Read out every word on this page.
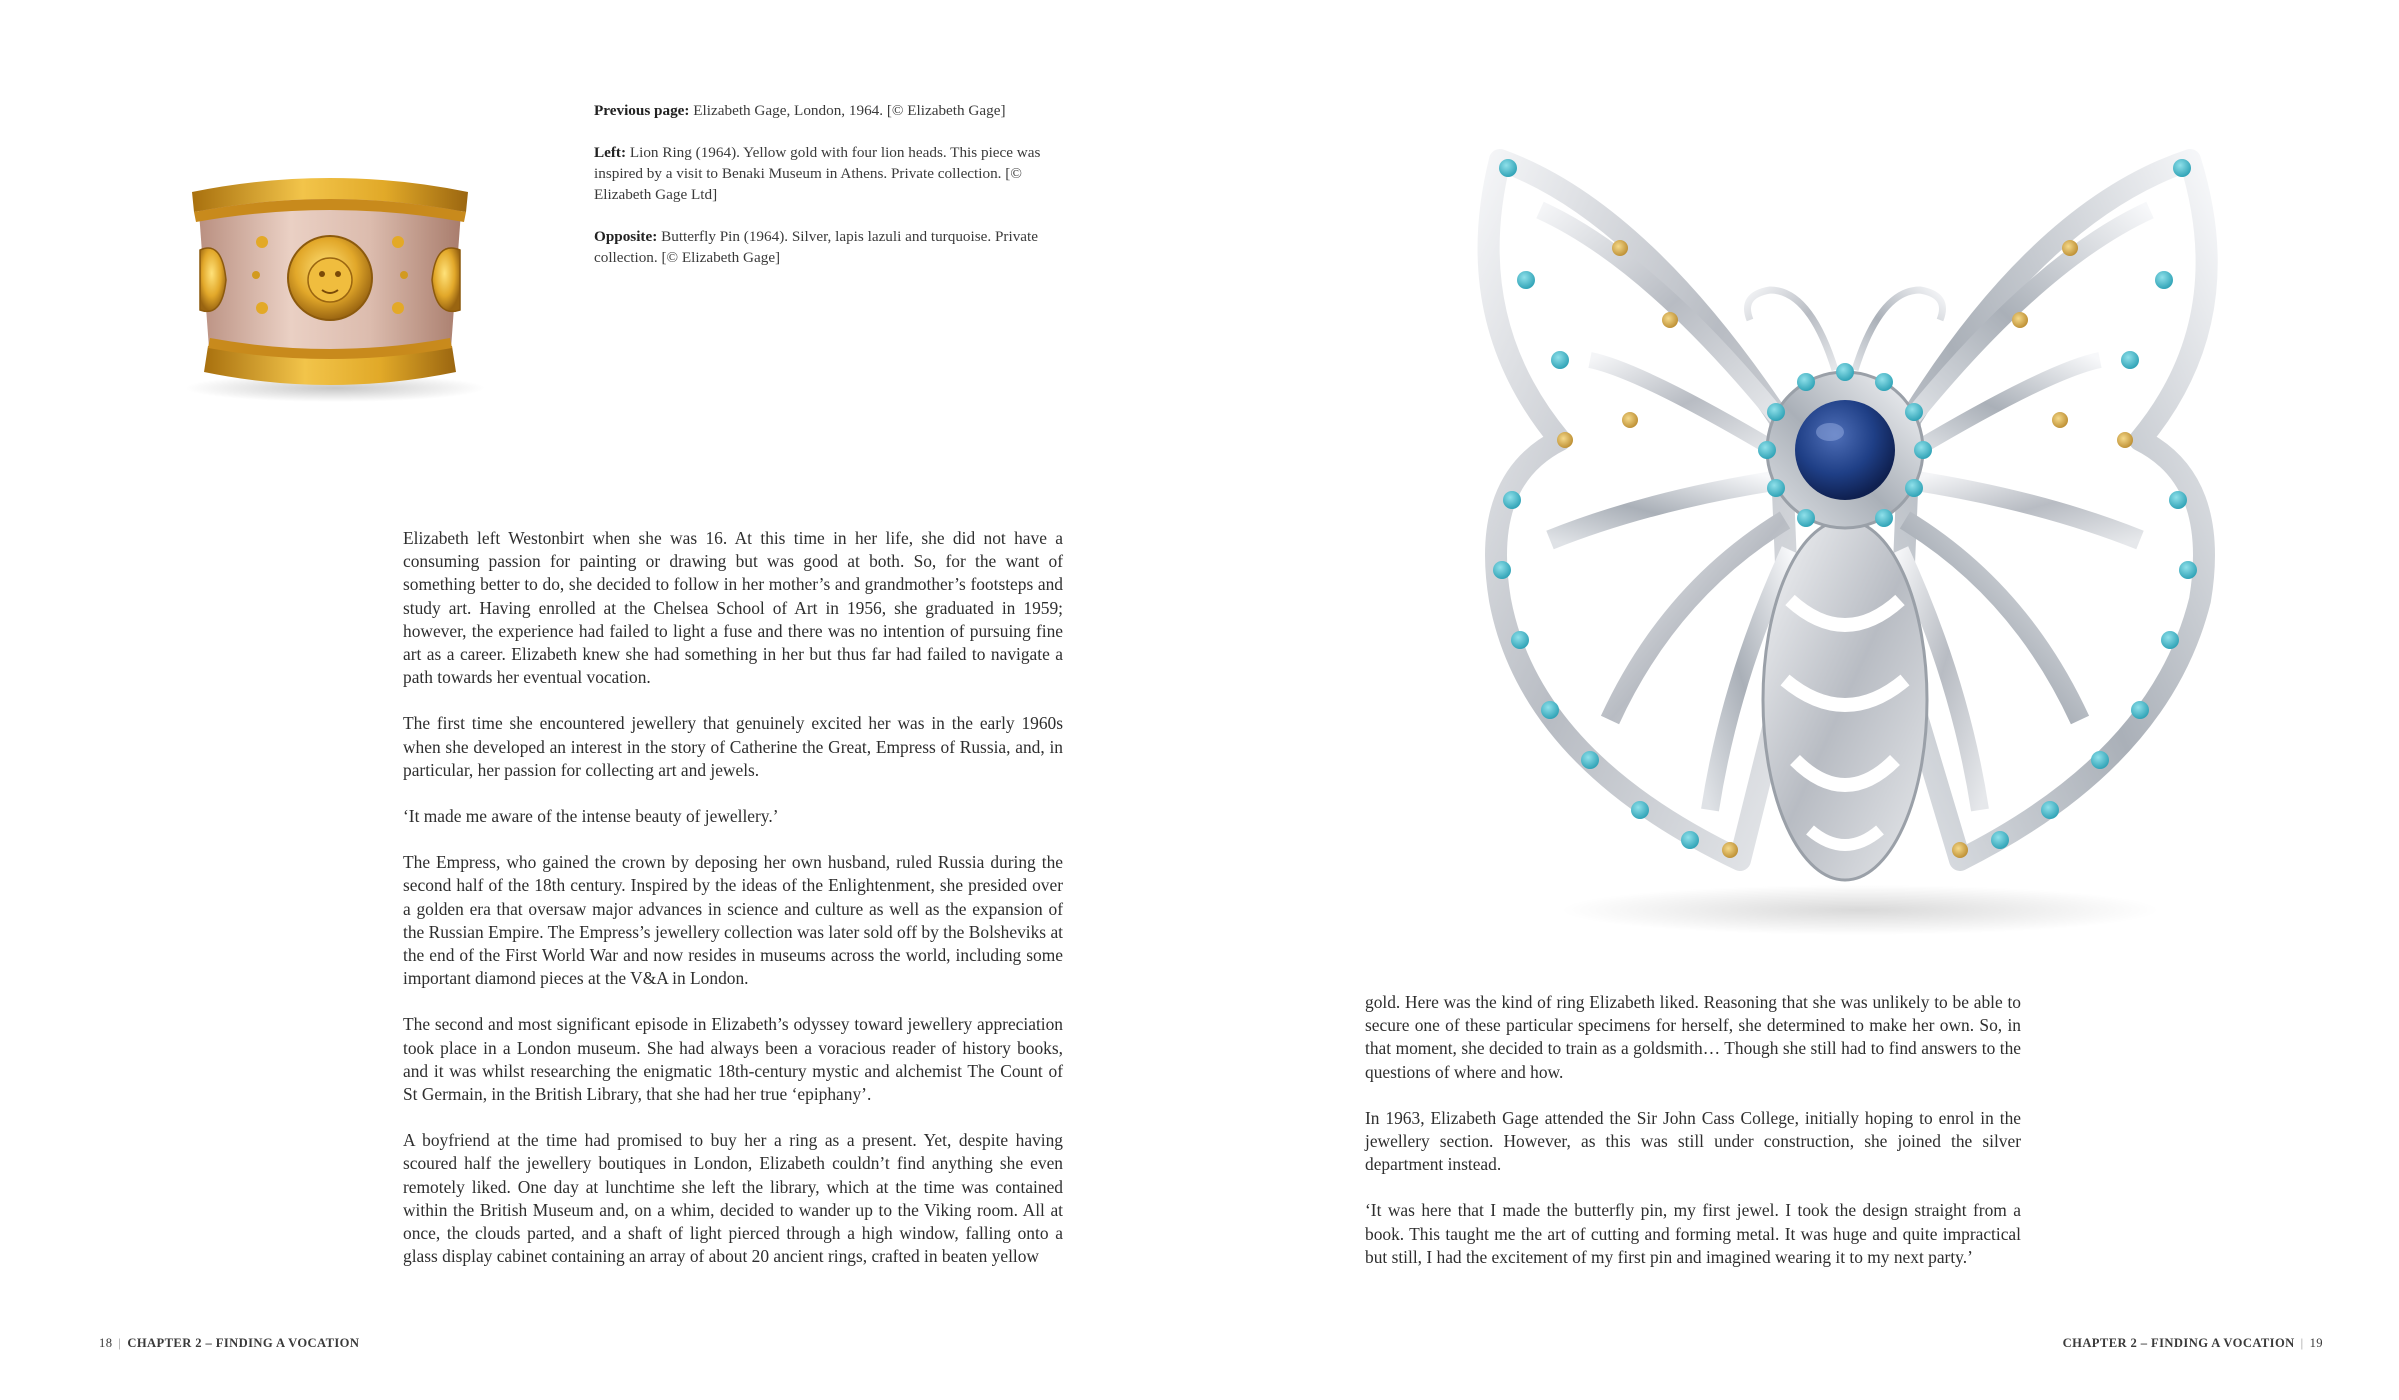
Previous page: Elizabeth Gage, London, 1964. [© Elizabeth Gage]

Left: Lion Ring (1964). Yellow gold with four lion heads. This piece was inspired by a visit to Benaki Museum in Athens. Private collection. [© Elizabeth Gage Ltd]

Opposite: Butterfly Pin (1964). Silver, lapis lazuli and turquoise. Private collection. [© Elizabeth Gage]

Elizabeth left Westonbirt when she was 16. At this time in her life, she did not have a consuming passion for painting or drawing but was good at both. So, for the want of something better to do, she decided to follow in her mother’s and grandmother’s footsteps and study art. Having enrolled at the Chelsea School of Art in 1956, she graduated in 1959; however, the experience had failed to light a fuse and there was no intention of pursuing fine art as a career. Elizabeth knew she had something in her but thus far had failed to navigate a path towards her eventual vocation.

The first time she encountered jewellery that genuinely excited her was in the early 1960s when she developed an interest in the story of Catherine the Great, Empress of Russia, and, in particular, her passion for collecting art and jewels.

‘It made me aware of the intense beauty of jewellery.’

The Empress, who gained the crown by deposing her own husband, ruled Russia during the second half of the 18th century. Inspired by the ideas of the Enlightenment, she presided over a golden era that oversaw major advances in science and culture as well as the expansion of the Russian Empire. The Empress’s jewellery collection was later sold off by the Bolsheviks at the end of the First World War and now resides in museums across the world, including some important diamond pieces at the V&A in London.

The second and most significant episode in Elizabeth’s odyssey toward jewellery appreciation took place in a London museum. She had always been a voracious reader of history books, and it was whilst researching the enigmatic 18th-century mystic and alchemist The Count of St Germain, in the British Library, that she had her true ‘epiphany’.

A boyfriend at the time had promised to buy her a ring as a present. Yet, despite having scoured half the jewellery boutiques in London, Elizabeth couldn’t find anything she even remotely liked. One day at lunchtime she left the library, which at the time was contained within the British Museum and, on a whim, decided to wander up to the Viking room. All at once, the clouds parted, and a shaft of light pierced through a high window, falling onto a glass display cabinet containing an array of about 20 ancient rings, crafted in beaten yellow

18 | CHAPTER 2 – FINDING A VOCATION

gold. Here was the kind of ring Elizabeth liked. Reasoning that she was unlikely to be able to secure one of these particular specimens for herself, she determined to make her own. So, in that moment, she decided to train as a goldsmith… Though she still had to find answers to the questions of where and how.

In 1963, Elizabeth Gage attended the Sir John Cass College, initially hoping to enrol in the jewellery section. However, as this was still under construction, she joined the silver department instead.

‘It was here that I made the butterfly pin, my first jewel. I took the design straight from a book. This taught me the art of cutting and forming metal. It was huge and quite impractical but still, I had the excitement of my first pin and imagined wearing it to my next party.’

CHAPTER 2 – FINDING A VOCATION | 19
